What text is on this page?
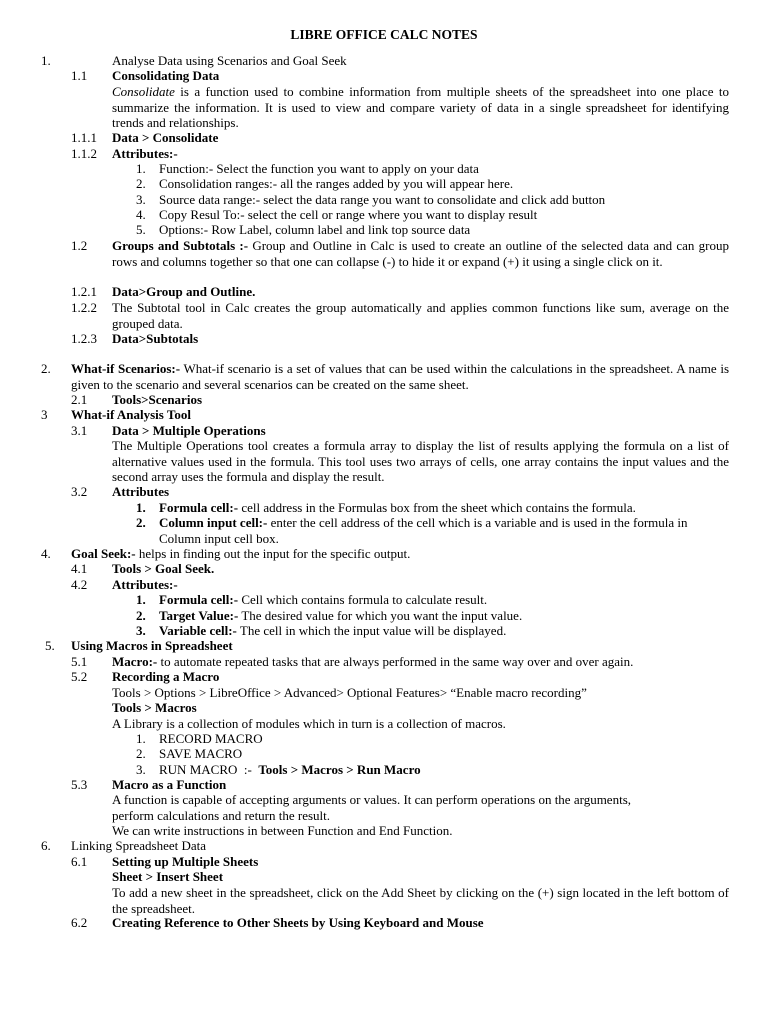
LIBRE OFFICE CALC NOTES
1.	Analyse Data using Scenarios and Goal Seek
1.1 Consolidating Data
Consolidate is a function used to combine information from multiple sheets of the spreadsheet into one place to summarize the information. It is used to view and compare variety of data in a single spreadsheet for identifying trends and relationships.
1.1.1 Data > Consolidate
1.1.2 Attributes:-
1. Function:- Select the function you want to apply on your data
2. Consolidation ranges:- all the ranges added by you will appear here.
3. Source data range:- select the data range you want to consolidate and click add button
4. Copy Resul To:- select the cell or range where you want to display result
5. Options:- Row Label, column label and link top source data
1.2 Groups and Subtotals :- Group and Outline in Calc is used to create an outline of the selected data and can group rows and columns together so that one can collapse (-) to hide it or expand (+) it using a single click on it.
1.2.1 Data>Group and Outline.
1.2.2 The Subtotal tool in Calc creates the group automatically and applies common functions like sum, average on the grouped data.
1.2.3 Data>Subtotals
2. What-if Scenarios:- What-if scenario is a set of values that can be used within the calculations in the spreadsheet. A name is given to the scenario and several scenarios can be created on the same sheet.
2.1 Tools>Scenarios
3 What-if Analysis Tool
3.1 Data > Multiple Operations
The Multiple Operations tool creates a formula array to display the list of results applying the formula on a list of alternative values used in the formula. This tool uses two arrays of cells, one array contains the input values and the second array uses the formula and display the result.
3.2 Attributes
1. Formula cell:- cell address in the Formulas box from the sheet which contains the formula.
2. Column input cell:- enter the cell address of the cell which is a variable and is used in the formula in Column input cell box.
4. Goal Seek:- helps in finding out the input for the specific output.
4.1 Tools > Goal Seek.
4.2 Attributes:-
1. Formula cell:- Cell which contains formula to calculate result.
2. Target Value:- The desired value for which you want the input value.
3. Variable cell:- The cell in which the input value will be displayed.
5. Using Macros in Spreadsheet
5.1 Macro:- to automate repeated tasks that are always performed in the same way over and over again.
5.2 Recording a Macro
Tools > Options > LibreOffice > Advanced> Optional Features> “Enable macro recording”
Tools > Macros
A Library is a collection of modules which in turn is a collection of macros.
1. RECORD MACRO
2. SAVE MACRO
3. RUN MACRO  :-  Tools > Macros > Run Macro
5.3 Macro as a Function
A function is capable of accepting arguments or values. It can perform operations on the arguments,
perform calculations and return the result.
We can write instructions in between Function and End Function.
6. Linking Spreadsheet Data
6.1 Setting up Multiple Sheets
Sheet > Insert Sheet
To add a new sheet in the spreadsheet, click on the Add Sheet by clicking on the (+) sign located in the left bottom of the spreadsheet.
6.2 Creating Reference to Other Sheets by Using Keyboard and Mouse
